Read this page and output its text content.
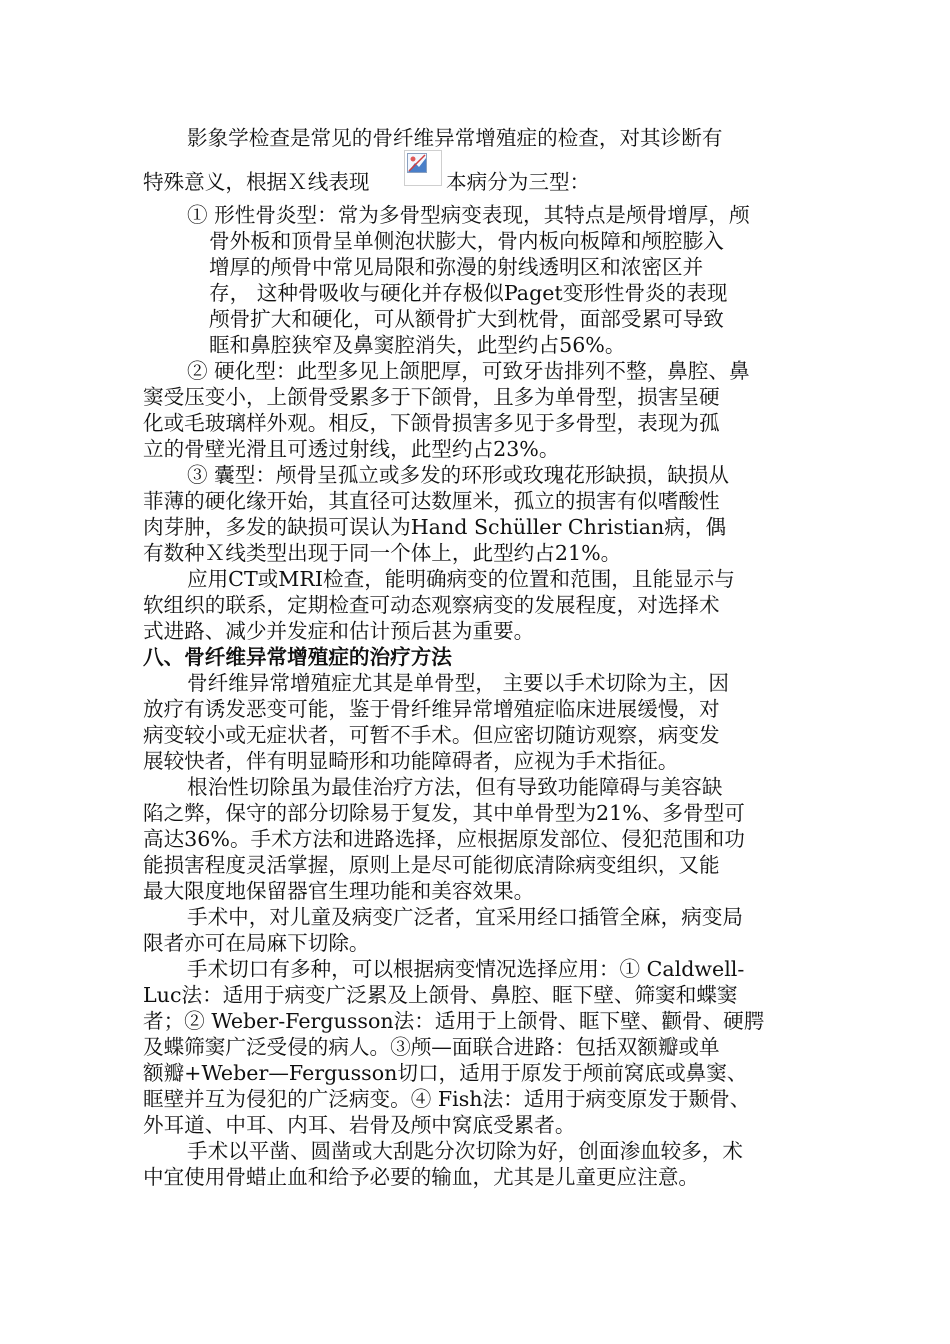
影象学检查是常见的骨纤维异常增殖症的检查，对其诊断有
特殊意义，根据Ｘ线表现	本病分为三型：
① 形性骨炎型：常为多骨型病变表现，其特点是颅骨增厚，颅
骨外板和顶骨呈单侧泡状膨大，骨内板向板障和颅腔膨入
增厚的颅骨中常见局限和弥漫的射线透明区和浓密区并
存， 这种骨吸收与硬化并存极似Paget变形性骨炎的表现
颅骨扩大和硬化，可从额骨扩大到枕骨，面部受累可导致
眶和鼻腔狭窄及鼻窦腔消失，此型约占56%。
② 硬化型：此型多见上颌肥厚，可致牙齿排列不整，鼻腔、鼻
窦受压变小，上颌骨受累多于下颌骨，且多为单骨型，损害呈硬
化或毛玻璃样外观。相反，下颌骨损害多见于多骨型，表现为孤
立的骨壁光滑且可透过射线，此型约占23%。
③ 囊型：颅骨呈孤立或多发的环形或玫瑰花形缺损，缺损从
菲薄的硬化缘开始，其直径可达数厘米，孤立的损害有似嗜酸性
肉芽肿，多发的缺损可误认为Hand Schüller Christian病，偶
有数种Ｘ线类型出现于同一个体上，此型约占21%。
应用CT或MRI检查，能明确病变的位置和范围，且能显示与
软组织的联系，定期检查可动态观察病变的发展程度，对选择术
式进路、减少并发症和估计预后甚为重要。
八、骨纤维异常增殖症的治疗方法
骨纤维异常增殖症尤其是单骨型， 主要以手术切除为主，因
放疗有诱发恶变可能，鉴于骨纤维异常增殖症临床进展缓慢，对
病变较小或无症状者，可暂不手术。但应密切随访观察，病变发
展较快者，伴有明显畸形和功能障碍者，应视为手术指征。
根治性切除虽为最佳治疗方法，但有导致功能障碍与美容缺
陷之弊，保守的部分切除易于复发，其中单骨型为21%、多骨型可
高达36%。手术方法和进路选择，应根据原发部位、侵犯范围和功
能损害程度灵活掌握，原则上是尽可能彻底清除病变组织，又能
最大限度地保留器官生理功能和美容效果。
手术中，对儿童及病变广泛者，宜采用经口插管全麻，病变局
限者亦可在局麻下切除。
手术切口有多种，可以根据病变情况选择应用：① Caldwell-
Luc法：适用于病变广泛累及上颌骨、鼻腔、眶下壁、筛窦和蝶窦
者；② Weber-Fergusson法：适用于上颌骨、眶下壁、颧骨、硬腭
及蝶筛窦广泛受侵的病人。③颅—面联合进路：包括双额瓣或单
额瓣+Weber—Fergusson切口，适用于原发于颅前窝底或鼻窦、
眶壁并互为侵犯的广泛病变。④ Fish法：适用于病变原发于颞骨、
外耳道、中耳、内耳、岩骨及颅中窝底受累者。
手术以平凿、圆凿或大刮匙分次切除为好，创面渗血较多，术
中宜使用骨蜡止血和给予必要的输血，尤其是儿童更应注意。
